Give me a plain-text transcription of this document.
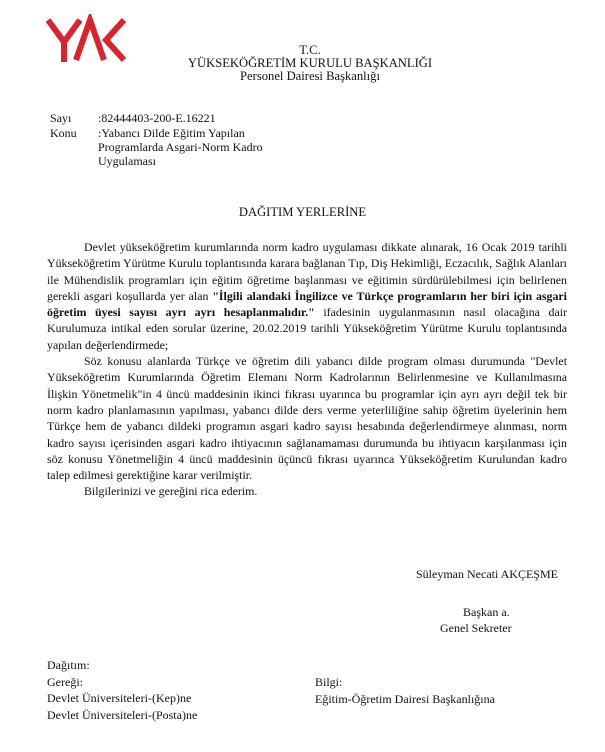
T.C.
YÜKSEKÖĞRETİM KURULU BAŞKANLIĞI
Personel Dairesi Başkanlığı
Sayı	:82444403-200-E.16221
Konu	:Yabancı Dilde Eğitim Yapılan Programlarda Asgari-Norm Kadro Uygulaması
DAĞITIM YERLERİNE

Devlet yükseköğretim kurumlarında norm kadro uygulaması dikkate alınarak, 16 Ocak 2019 tarihli Yükseköğretim Yürütme Kurulu toplantısında karara bağlanan Tıp, Diş Hekimliği, Eczacılık, Sağlık Alanları ile Mühendislik programları için eğitim öğretime başlanması ve eğitimin sürdürülebilmesi için belirlenen gerekli asgari koşullarda yer alan "İlgili alandaki İngilizce ve Türkçe programların her biri için asgari öğretim üyesi sayısı ayrı ayrı hesaplanmalıdır." ifadesinin uygulanmasının nasıl olacağına dair Kurulumuza intikal eden sorular üzerine, 20.02.2019 tarihli Yükseköğretim Yürütme Kurulu toplantısında yapılan değerlendirmede;

Söz konusu alanlarda Türkçe ve öğretim dili yabancı dilde program olması durumunda "Devlet Yükseköğretim Kurumlarında Öğretim Elemanı Norm Kadrolarının Belirlenmesine ve Kullanılmasına İlişkin Yönetmelik"in 4 üncü maddesinin ikinci fıkrası uyarınca bu programlar için ayrı ayrı değil tek bir norm kadro planlamasının yapılması, yabancı dilde ders verme yeterliliğine sahip öğretim üyelerinin hem Türkçe hem de yabancı dildeki programın asgari kadro sayısı hesabında değerlendirmeye alınması, norm kadro sayısı içerisinden asgari kadro ihtiyacının sağlanamaması durumunda bu ihtiyacın karşılanması için söz konusu Yönetmeliğin 4 üncü maddesinin üçüncü fıkrası uyarınca Yükseköğretim Kurulundan kadro talep edilmesi gerektiğine karar verilmiştir.

Bilgilerinizi ve gereğini rica ederim.

Süleyman Necati AKÇEŞME
Başkan a.
Genel Sekreter
Dağıtım:
Gereği:
Devlet Üniversiteleri-(Kep)ne
Devlet Üniversiteleri-(Posta)ne
Bilgi:
Eğitim-Öğretim Dairesi Başkanlığına
